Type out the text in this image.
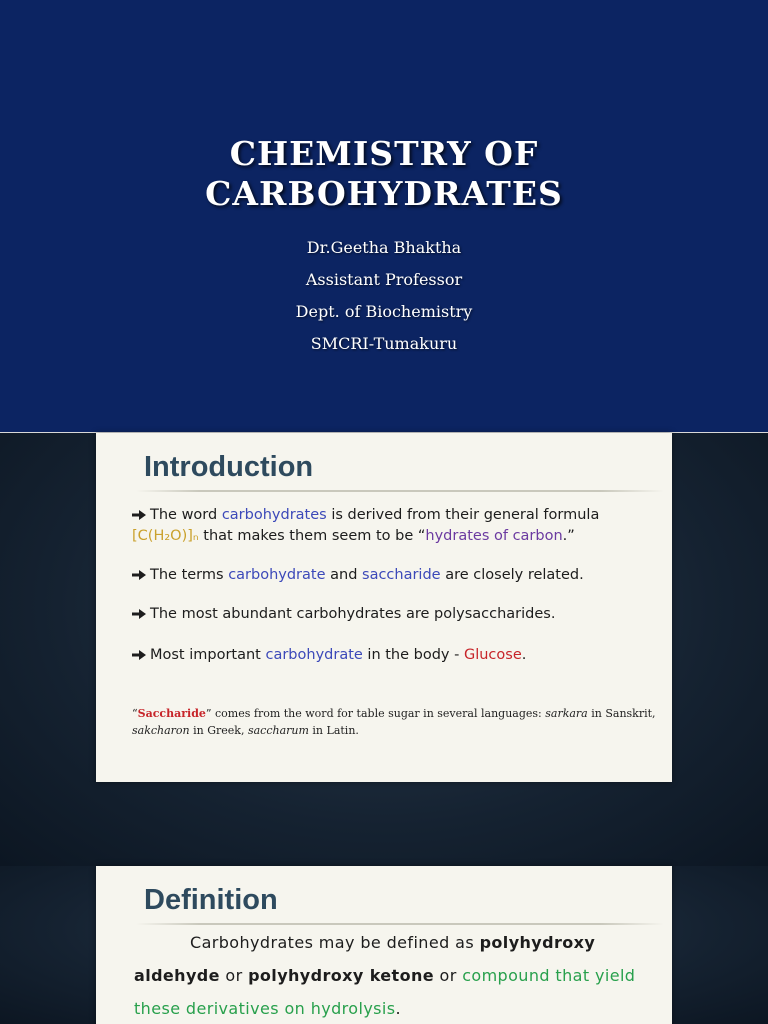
CHEMISTRY OF
CARBOHYDRATES
Dr.Geetha Bhaktha
Assistant Professor
Dept. of Biochemistry
SMCRI-Tumakuru
Introduction
The word carbohydrates is derived from their general formula [C(H₂O)]ₙ that makes them seem to be “hydrates of carbon.”
The terms carbohydrate and saccharide are closely related.
The most abundant carbohydrates are polysaccharides.
Most important carbohydrate in the body - Glucose.
“Saccharide” comes from the word for table sugar in several languages: sarkara in Sanskrit, sakcharon in Greek, saccharum in Latin.
Definition
Carbohydrates may be defined as polyhydroxy aldehyde or polyhydroxy ketone or compound that yield these derivatives on hydrolysis.
